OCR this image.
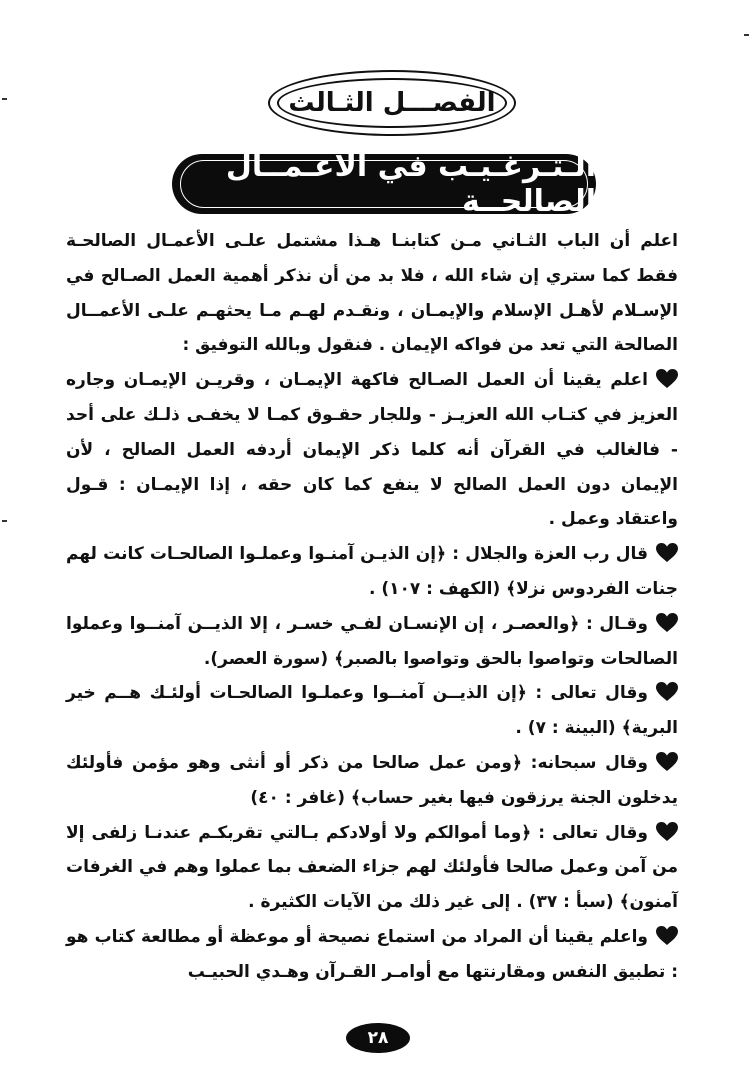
الفصـــل الثـالث
الـتـرغـيـب في الأعـمــال الصالحــة

اعلم أن الباب الثـاني مـن كتابنـا هـذا مشتمل علـى الأعمـال الصالحـة فقط كما ستري إن شاء الله ، فلا بد من أن نذكر أهمية العمل الصـالح في الإسـلام لأهـل الإسلام والإيمـان ، ونقـدم لهـم مـا يحثهـم علـى الأعمــال الصالحة التي تعد من فواكه الإيمان . فنقول وبالله التوفيق :

اعلم يقينا أن العمل الصـالح فاكهة الإيمـان ، وقريـن الإيمـان وجاره العزيز في كتـاب الله العزيـز - وللجار حقـوق كمـا لا يخفـى ذلـك على أحد - فالغالب في القرآن أنه كلما ذكر الإيمان أردفه العمل الصالح ، لأن الإيمان دون العمل الصالح لا ينفع كما كان حقه ، إذا الإيمـان : قـول واعتقاد وعمل .

قال رب العزة والجلال : ﴿إن الذيـن آمنـوا وعملـوا الصالحـات كانت لهم جنات الفردوس نزلا﴾ (الكهف : ١٠٧) .

وقـال : ﴿والعصـر ، إن الإنسـان لفـي خسـر ، إلا الذيــن آمنــوا وعملوا الصالحات وتواصوا بالحق وتواصوا بالصبر﴾ (سورة العصر).

وقال تعالى : ﴿إن الذيــن آمنــوا وعملـوا الصالحـات أولئـك هــم خير البرية﴾ (البينة : ٧) .

وقال سبحانه: ﴿ومن عمل صالحا من ذكر أو أنثى وهو مؤمن فأولئك يدخلون الجنة يرزقون فيها بغير حساب﴾ (غافر : ٤٠)

وقال تعالى : ﴿وما أموالكم ولا أولادكم بـالتي تقربكـم عندنـا زلفى إلا من آمن وعمل صالحا فأولئك لهم جزاء الضعف بما عملوا وهم في الغرفات آمنون﴾ (سبأ : ٣٧) . إلى غير ذلك من الآيات الكثيرة .

واعلم يقينا أن المراد من استماع نصيحة أو موعظة أو مطالعة كتاب هو : تطبيق النفس ومقارنتها مع أوامـر القـرآن وهـدي الحبيـب

٢٨
